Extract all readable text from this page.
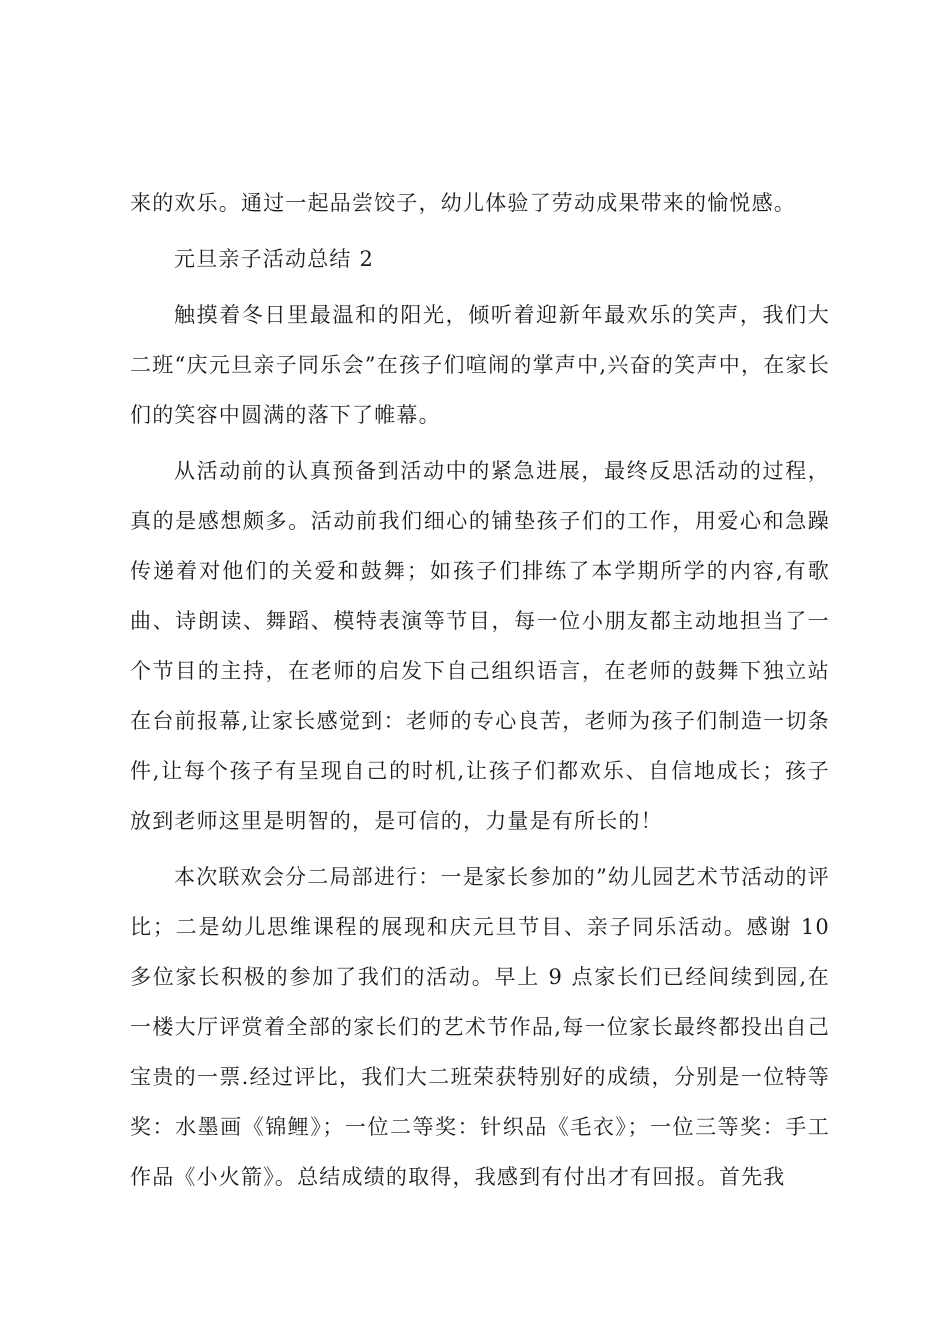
来的欢乐。通过一起品尝饺子，幼儿体验了劳动成果带来的愉悦感。

元旦亲子活动总结 2

触摸着冬日里最温和的阳光，倾听着迎新年最欢乐的笑声，我们大二班“庆元旦亲子同乐会”在孩子们喧闹的掌声中,兴奋的笑声中，在家长们的笑容中圆满的落下了帷幕。

从活动前的认真预备到活动中的紧急进展，最终反思活动的过程，真的是感想颇多。活动前我们细心的铺垫孩子们的工作，用爱心和急躁传递着对他们的关爱和鼓舞；如孩子们排练了本学期所学的内容,有歌曲、诗朗读、舞蹈、模特表演等节目，每一位小朋友都主动地担当了一个节目的主持，在老师的启发下自己组织语言，在老师的鼓舞下独立站在台前报幕,让家长感觉到：老师的专心良苦，老师为孩子们制造一切条件,让每个孩子有呈现自己的时机,让孩子们都欢乐、自信地成长；孩子放到老师这里是明智的，是可信的，力量是有所长的！

本次联欢会分二局部进行：一是家长参加的”幼儿园艺术节活动的评比；二是幼儿思维课程的展现和庆元旦节目、亲子同乐活动。感谢 10多位家长积极的参加了我们的活动。早上 9 点家长们已经间续到园,在一楼大厅评赏着全部的家长们的艺术节作品,每一位家长最终都投出自己宝贵的一票.经过评比，我们大二班荣获特别好的成绩，分别是一位特等奖：水墨画《锦鲤》；一位二等奖：针织品《毛衣》；一位三等奖：手工作品《小火箭》。总结成绩的取得，我感到有付出才有回报。首先我
